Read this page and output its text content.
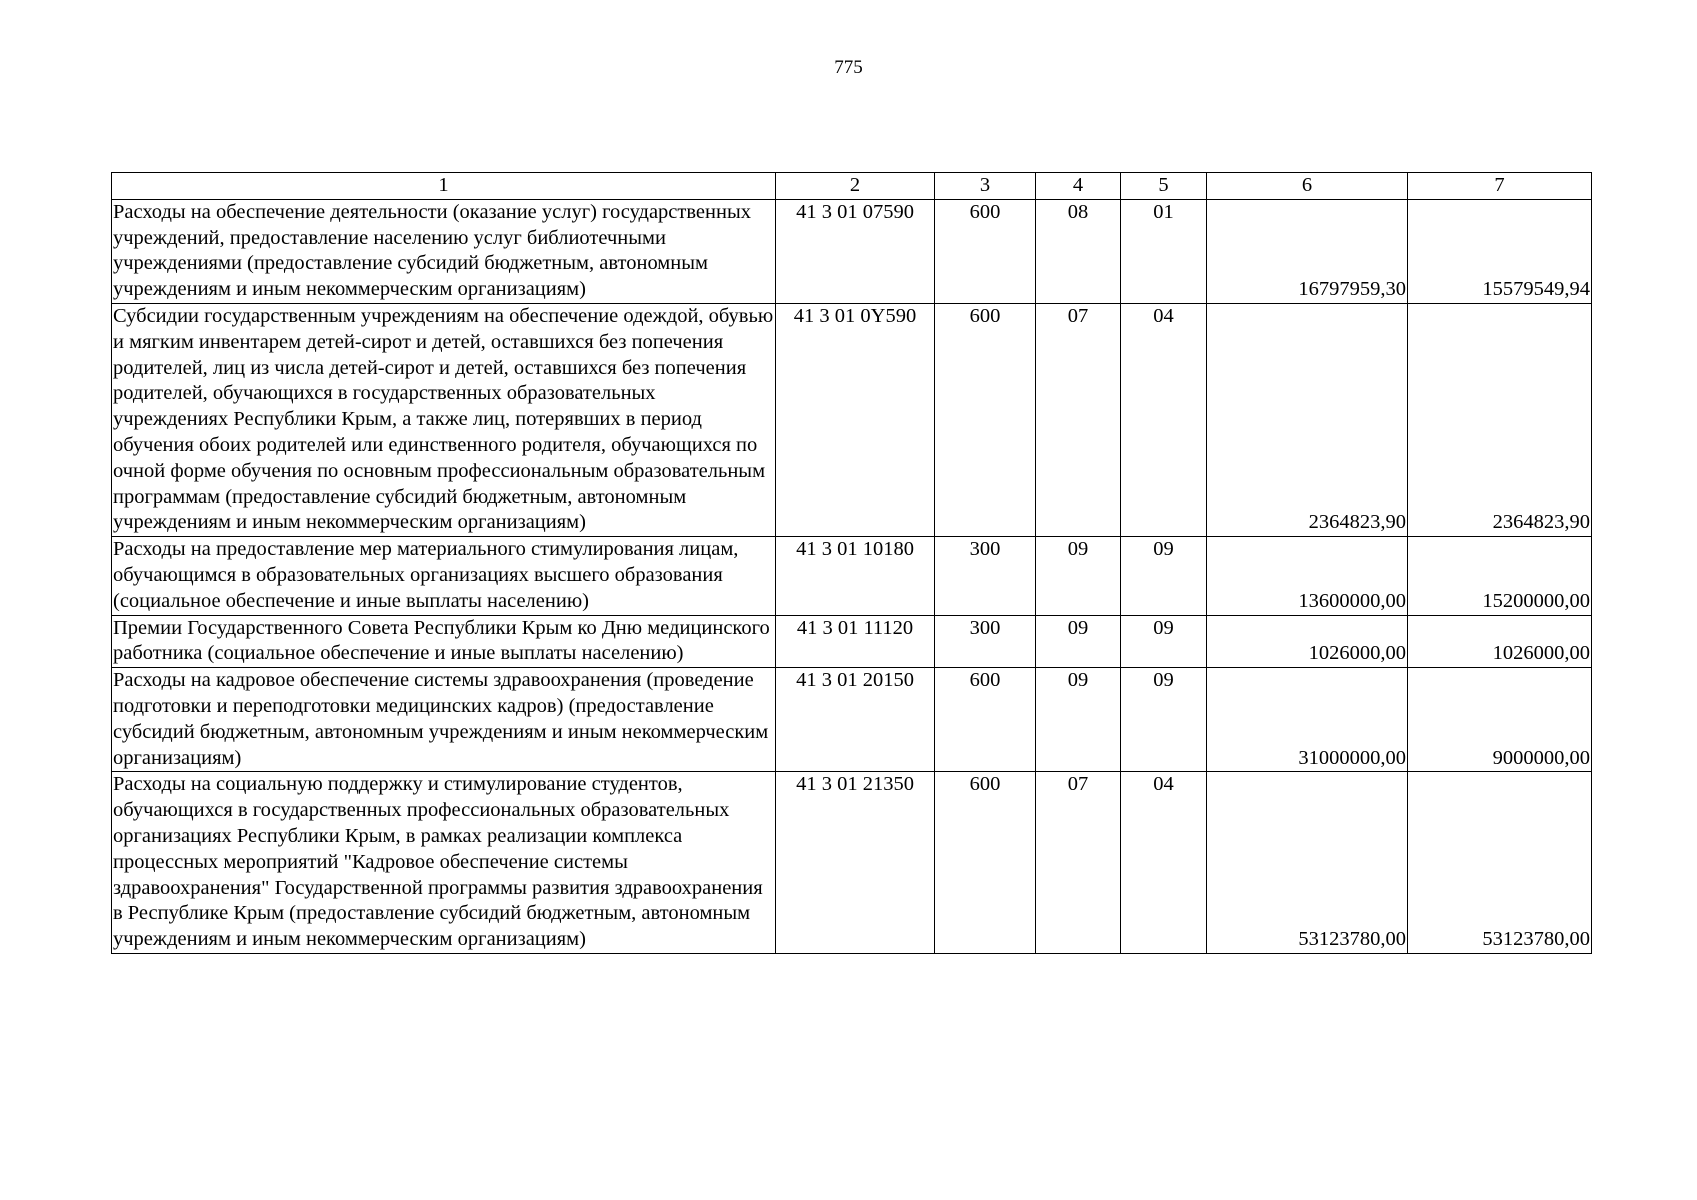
775
1	2	3	4	5	6	7
Расходы на обеспечение деятельности (оказание услуг) государственных учреждений, предоставление населению услуг библиотечными учреждениями (предоставление субсидий бюджетным, автономным учреждениям и иным некоммерческим организациям)	41 3 01 07590	600	08	01	16797959,30	15579549,94
Субсидии государственным учреждениям на обеспечение одеждой, обувью и мягким инвентарем детей-сирот и детей, оставшихся без попечения родителей, лиц из числа детей-сирот и детей, оставшихся без попечения родителей, обучающихся в государственных образовательных учреждениях Республики Крым, а также лиц, потерявших в период обучения обоих родителей или единственного родителя, обучающихся по очной форме обучения по основным профессиональным образовательным программам (предоставление субсидий бюджетным, автономным учреждениям и иным некоммерческим организациям)	41 3 01 0Y590	600	07	04	2364823,90	2364823,90
Расходы на предоставление мер материального стимулирования лицам, обучающимся в образовательных организациях высшего образования (социальное обеспечение и иные выплаты населению)	41 3 01 10180	300	09	09	13600000,00	15200000,00
Премии Государственного Совета Республики Крым ко Дню медицинского работника (социальное обеспечение и иные выплаты населению)	41 3 01 11120	300	09	09	1026000,00	1026000,00
Расходы на кадровое обеспечение системы здравоохранения (проведение подготовки и переподготовки медицинских кадров) (предоставление субсидий бюджетным, автономным учреждениям и иным некоммерческим организациям)	41 3 01 20150	600	09	09	31000000,00	9000000,00
Расходы на социальную поддержку и стимулирование студентов, обучающихся в государственных профессиональных образовательных организациях Республики Крым, в рамках реализации комплекса процессных мероприятий "Кадровое обеспечение системы здравоохранения" Государственной программы развития здравоохранения в Республике Крым (предоставление субсидий бюджетным, автономным учреждениям и иным некоммерческим организациям)	41 3 01 21350	600	07	04	53123780,00	53123780,00
